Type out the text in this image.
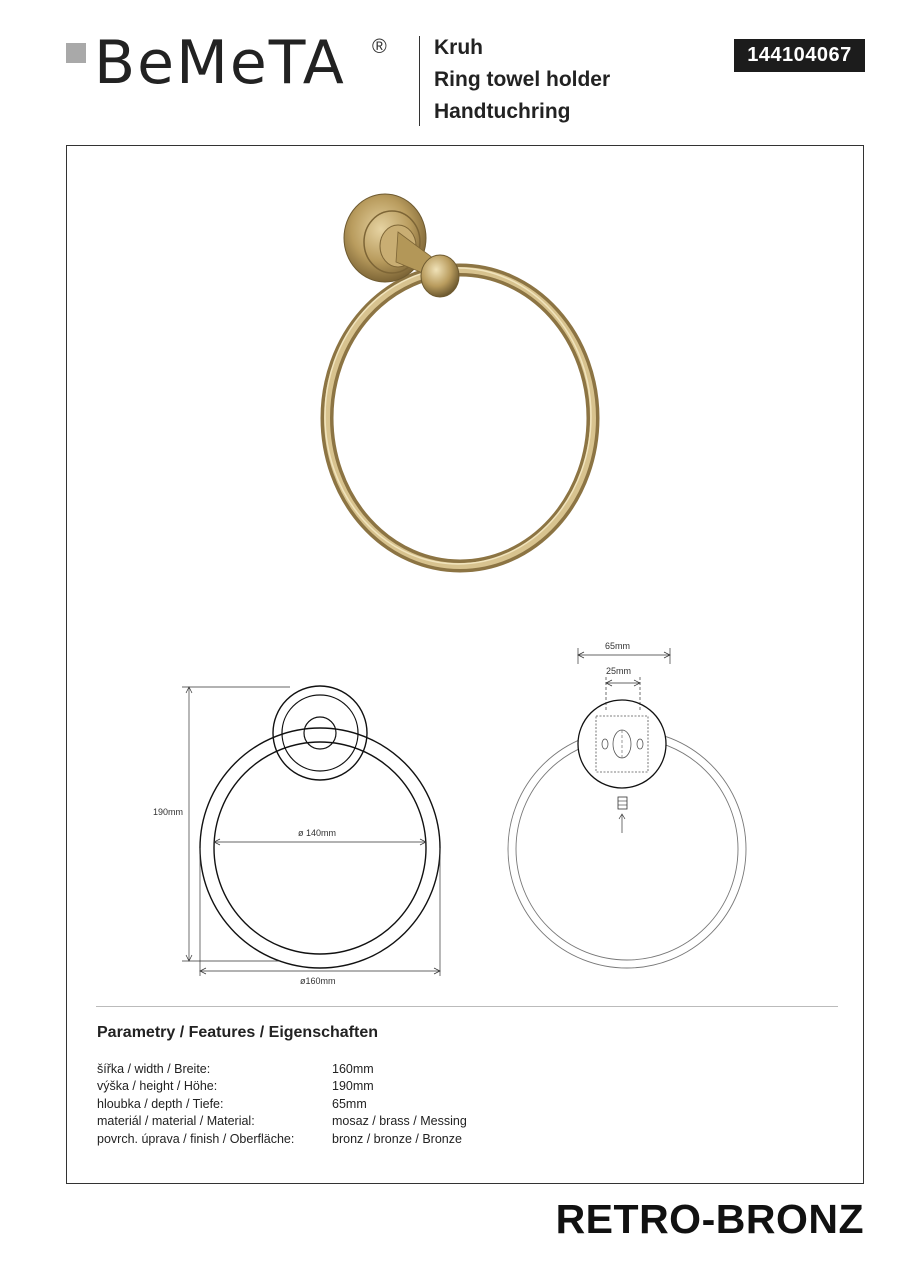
BeMeTA ® Kruh
Ring towel holder
Handtuchring
144104067
190mm
ø 140mm
ø160mm
65mm
25mm
Parametry / Features / Eigenschaften
šířka / width / Breite:	160mm
výška / height / Höhe:	190mm
hloubka / depth / Tiefe:	65mm
materiál / material / Material:	mosaz / brass / Messing
povrch. úprava / finish / Oberfläche:	bronz / bronze / Bronze
RETRO-BRONZ
